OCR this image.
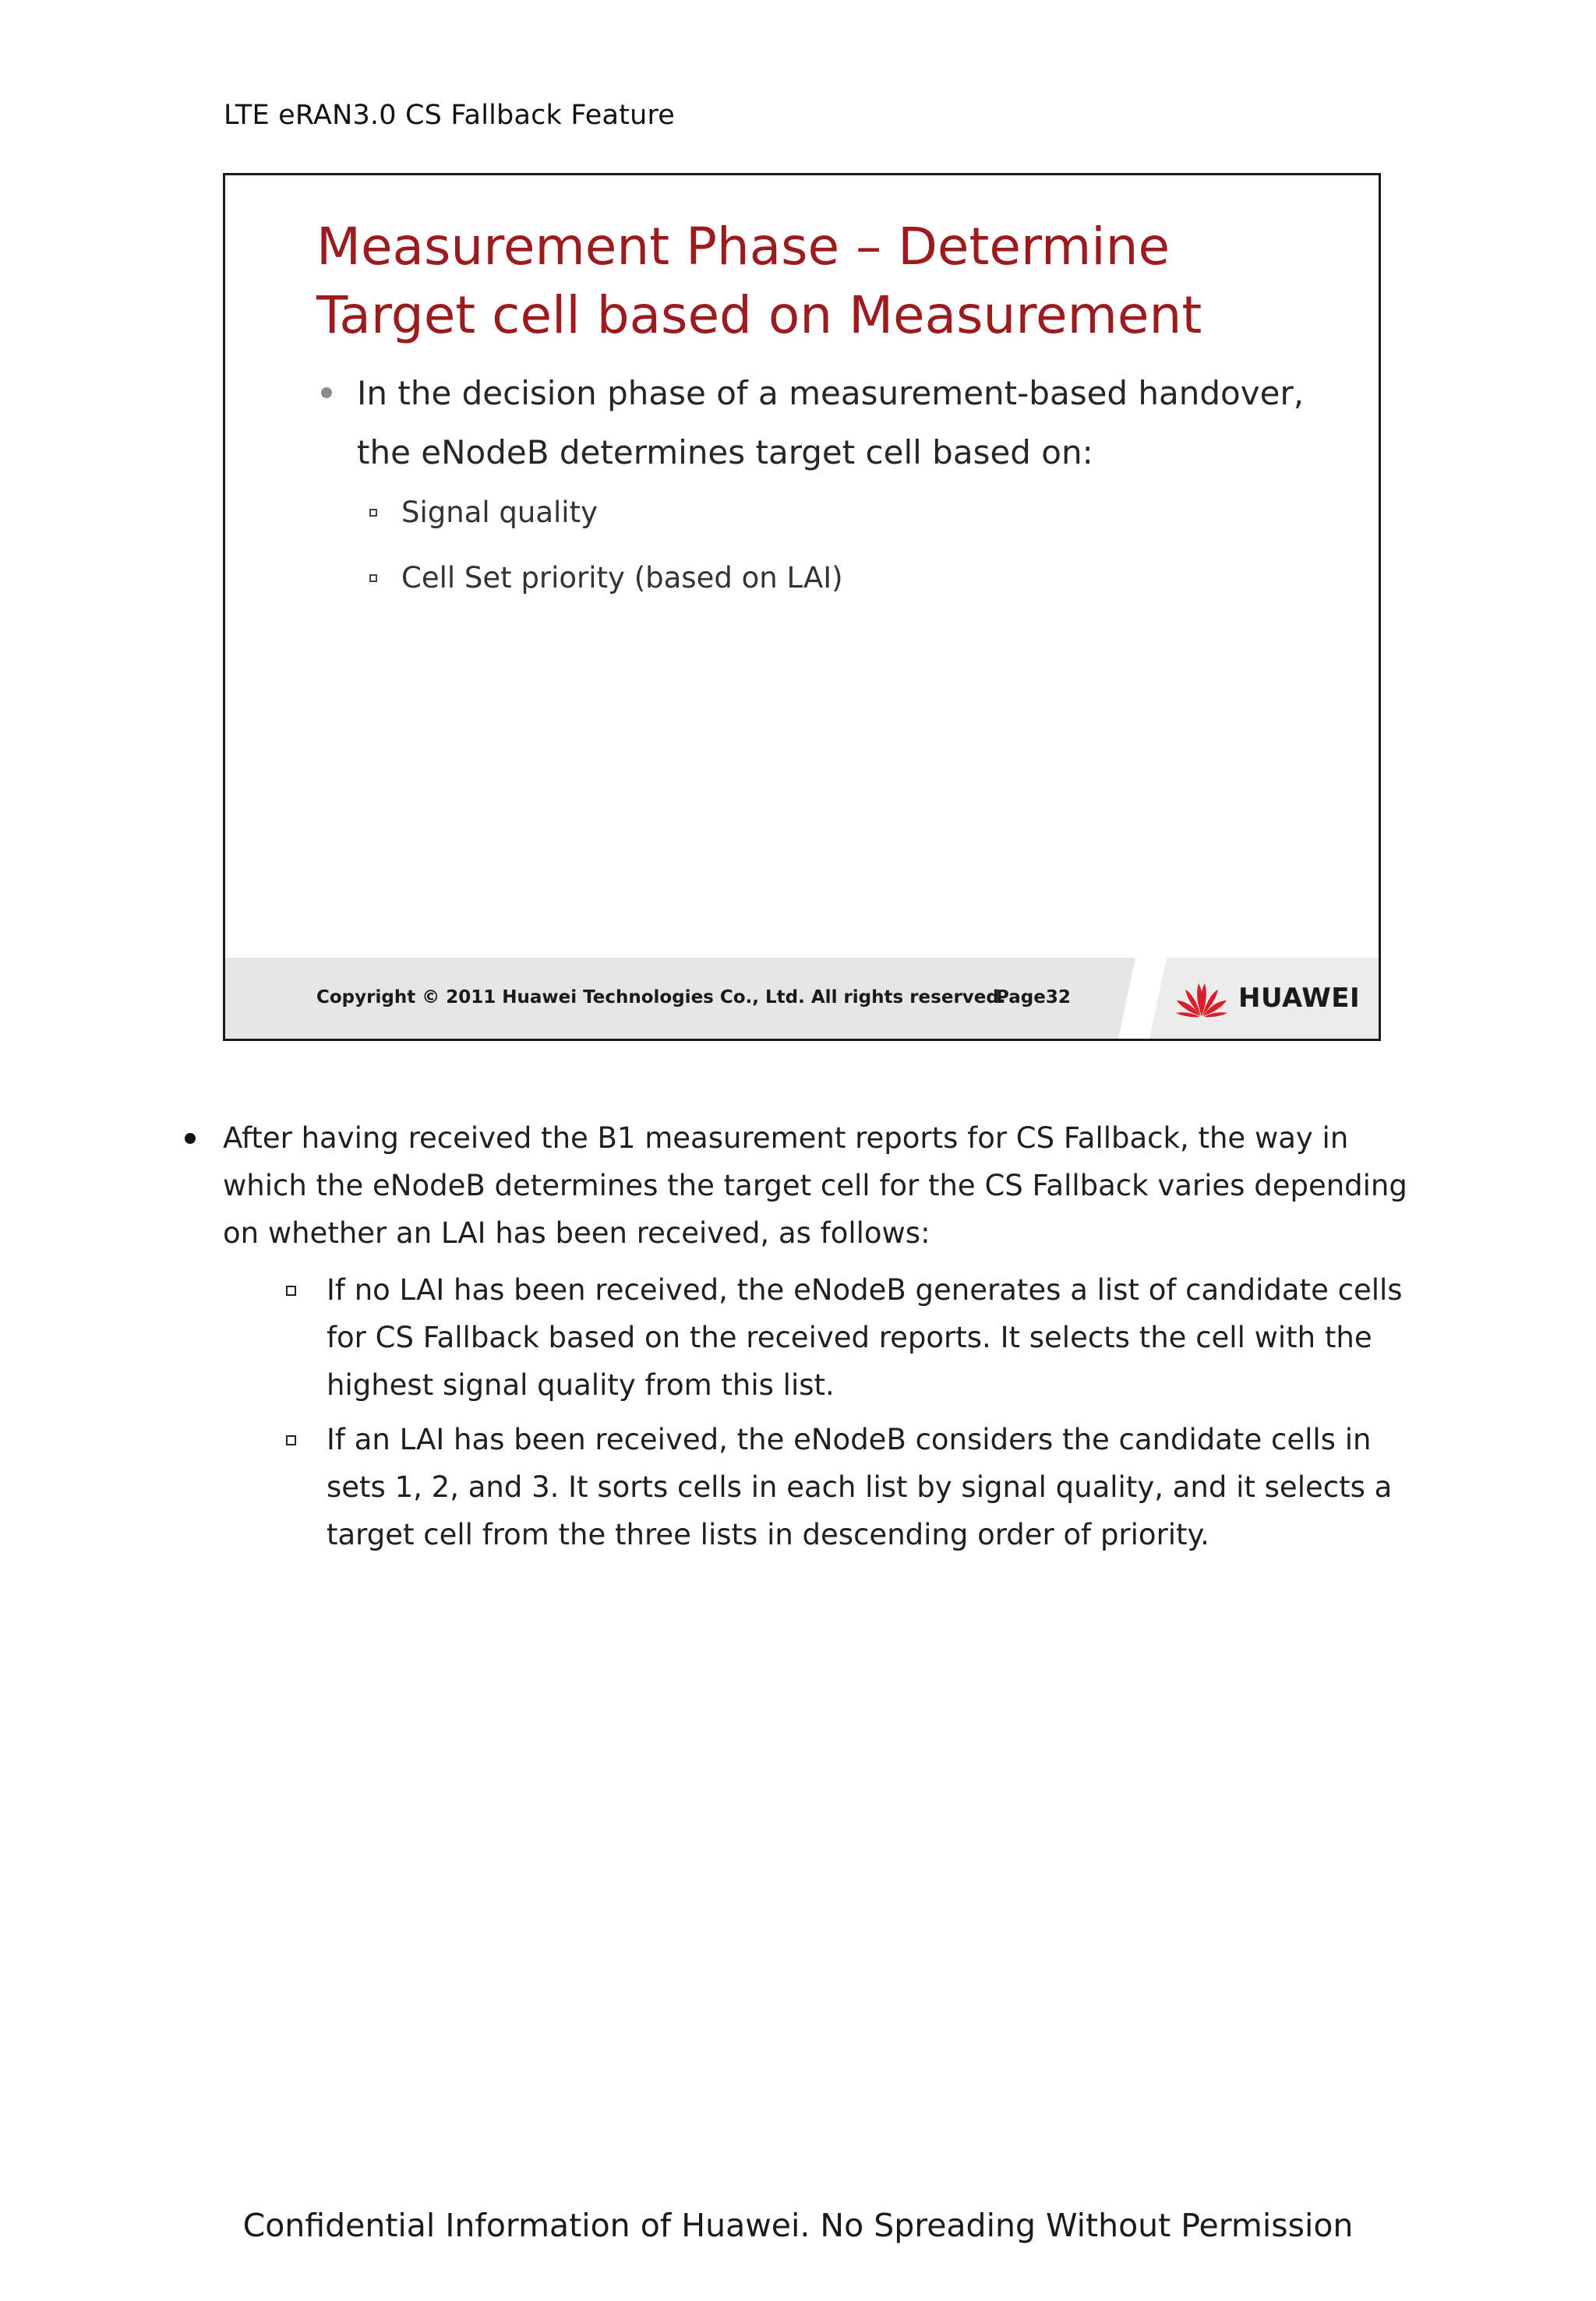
LTE eRAN3.0 CS Fallback Feature
Measurement Phase – Determine Target cell based on Measurement
In the decision phase of a measurement-based handover, the eNodeB determines target cell based on:
Signal quality
Cell Set priority (based on LAI)
Copyright © 2011 Huawei Technologies Co., Ltd. All rights reserved.
Page32	HUAWEI
After having received the B1 measurement reports for CS Fallback, the way in which the eNodeB determines the target cell for the CS Fallback varies depending on whether an LAI has been received, as follows:
If no LAI has been received, the eNodeB generates a list of candidate cells for CS Fallback based on the received reports. It selects the cell with the highest signal quality from this list.
If an LAI has been received, the eNodeB considers the candidate cells in sets 1, 2, and 3. It sorts cells in each list by signal quality, and it selects a target cell from the three lists in descending order of priority.
Confidential Information of Huawei. No Spreading Without Permission
